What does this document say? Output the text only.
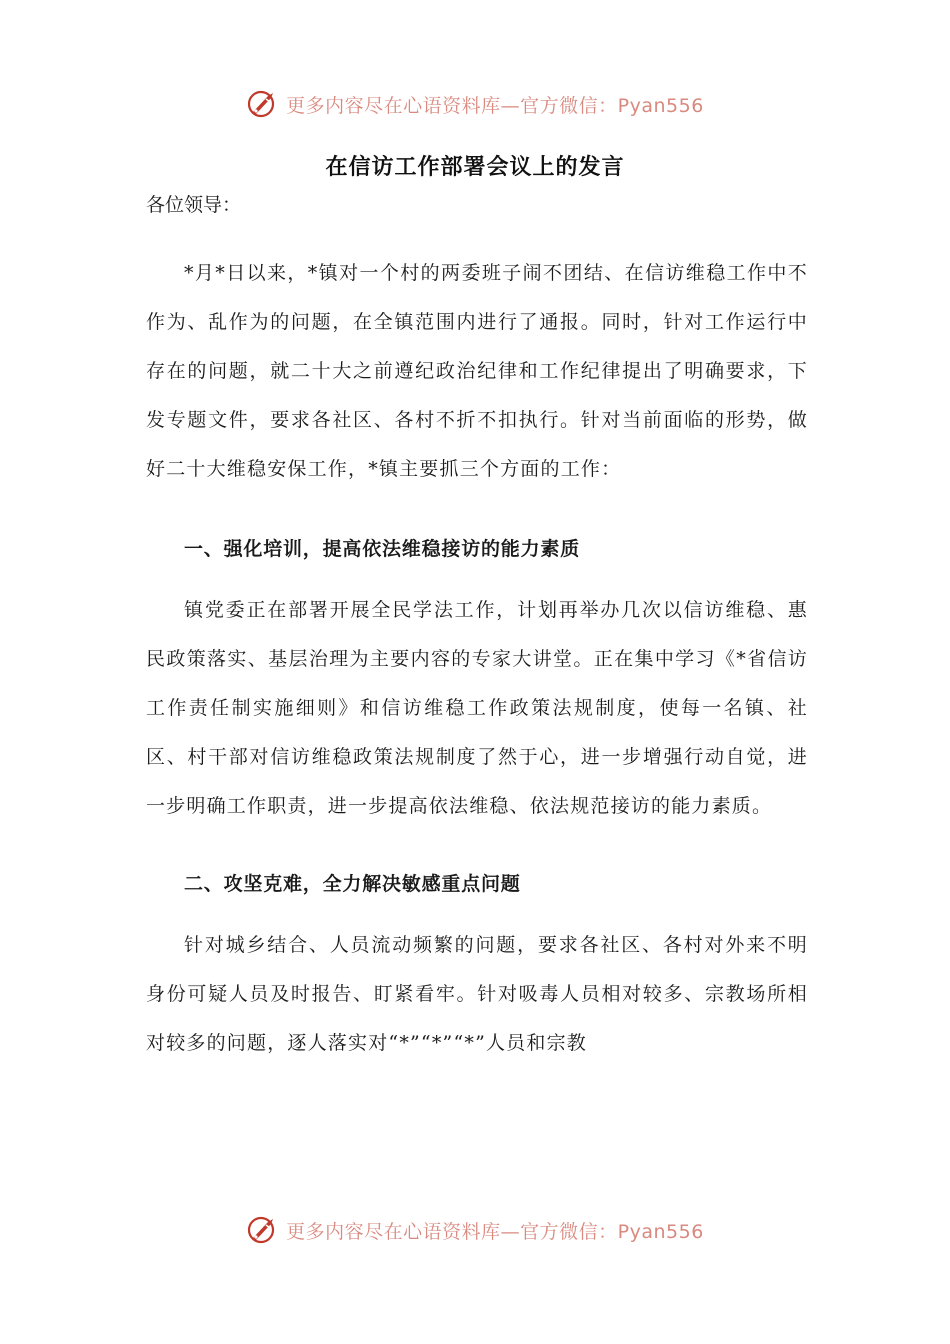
更多内容尽在心语资料库—官方微信：Pyan556
在信访工作部署会议上的发言

各位领导：

*月*日以来，*镇对一个村的两委班子闹不团结、在信访维稳工作中不作为、乱作为的问题，在全镇范围内进行了通报。同时，针对工作运行中存在的问题，就二十大之前遵纪政治纪律和工作纪律提出了明确要求，下发专题文件，要求各社区、各村不折不扣执行。针对当前面临的形势，做好二十大维稳安保工作，*镇主要抓三个方面的工作：

一、强化培训，提高依法维稳接访的能力素质

镇党委正在部署开展全民学法工作，计划再举办几次以信访维稳、惠民政策落实、基层治理为主要内容的专家大讲堂。正在集中学习《*省信访工作责任制实施细则》和信访维稳工作政策法规制度，使每一名镇、社区、村干部对信访维稳政策法规制度了然于心，进一步增强行动自觉，进一步明确工作职责，进一步提高依法维稳、依法规范接访的能力素质。

二、攻坚克难，全力解决敏感重点问题

针对城乡结合、人员流动频繁的问题，要求各社区、各村对外来不明身份可疑人员及时报告、盯紧看牢。针对吸毒人员相对较多、宗教场所相对较多的问题，逐人落实对“*”“*”“*”人员和宗教

更多内容尽在心语资料库—官方微信：Pyan556
